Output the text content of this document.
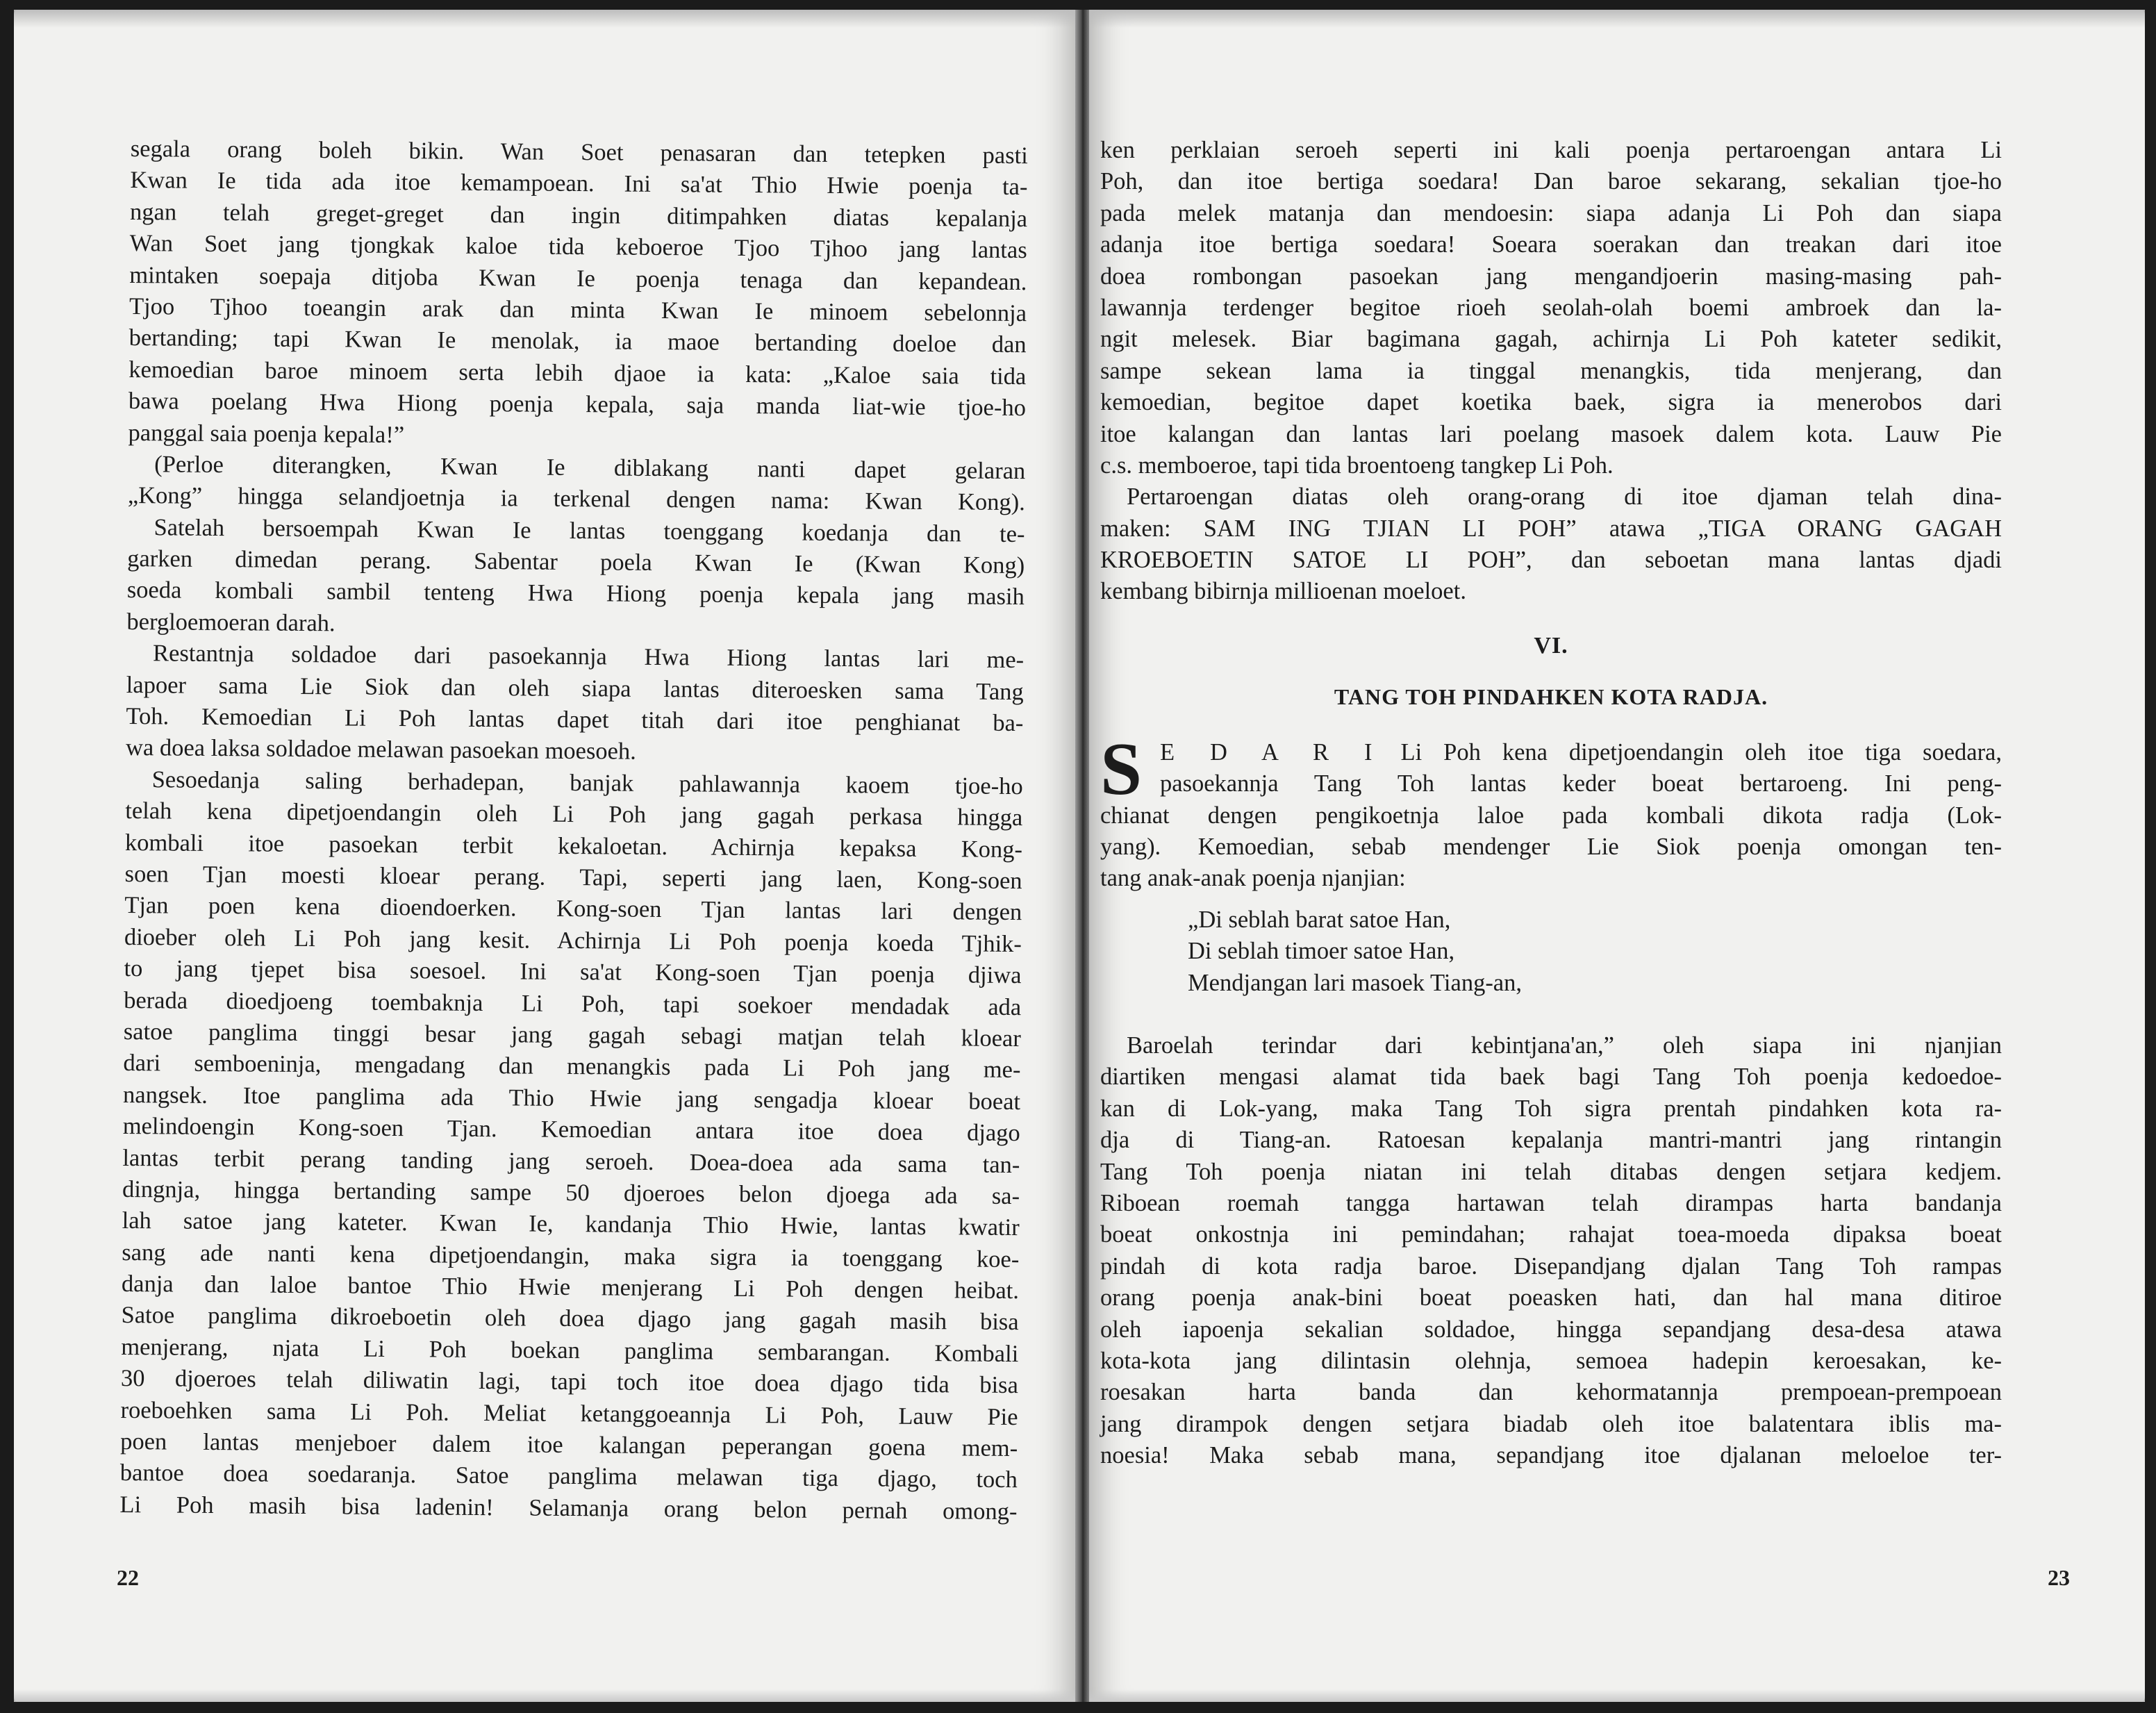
segala orang boleh bikin. Wan Soet penasaran dan tetepken pasti
Kwan Ie tida ada itoe kemampoean. Ini sa'at Thio Hwie poenja ta-
ngan telah greget-greget dan ingin ditimpahken diatas kepalanja
Wan Soet jang tjongkak kaloe tida keboeroe Tjoo Tjhoo jang lantas
mintaken soepaja ditjoba Kwan Ie poenja tenaga dan kepandean.
Tjoo Tjhoo toeangin arak dan minta Kwan Ie minoem sebelonnja
bertanding; tapi Kwan Ie menolak, ia maoe bertanding doeloe dan
kemoedian baroe minoem serta lebih djaoe ia kata: „Kaloe saia tida
bawa poelang Hwa Hiong poenja kepala, saja manda liat-wie tjoe-ho
panggal saia poenja kepala!”
(Perloe diterangken, Kwan Ie diblakang nanti dapet gelaran
„Kong” hingga selandjoetnja ia terkenal dengen nama: Kwan Kong).
Satelah bersoempah Kwan Ie lantas toenggang koedanja dan te-
garken dimedan perang. Sabentar poela Kwan Ie (Kwan Kong)
soeda kombali sambil tenteng Hwa Hiong poenja kepala jang masih
bergloemoeran darah.
Restantnja soldadoe dari pasoekannja Hwa Hiong lantas lari me-
lapoer sama Lie Siok dan oleh siapa lantas diteroesken sama Tang
Toh. Kemoedian Li Poh lantas dapet titah dari itoe penghianat ba-
wa doea laksa soldadoe melawan pasoekan moesoeh.
Sesoedanja saling berhadepan, banjak pahlawannja kaoem tjoe-ho
telah kena dipetjoendangin oleh Li Poh jang gagah perkasa hingga
kombali itoe pasoekan terbit kekaloetan. Achirnja kepaksa Kong-
soen Tjan moesti kloear perang. Tapi, seperti jang laen, Kong-soen
Tjan poen kena dioendoerken. Kong-soen Tjan lantas lari dengen
dioeber oleh Li Poh jang kesit. Achirnja Li Poh poenja koeda Tjhik-
to jang tjepet bisa soesoel. Ini sa'at Kong-soen Tjan poenja djiwa
berada dioedjoeng toembaknja Li Poh, tapi soekoer mendadak ada
satoe panglima tinggi besar jang gagah sebagi matjan telah kloear
dari semboeninja, mengadang dan menangkis pada Li Poh jang me-
nangsek. Itoe panglima ada Thio Hwie jang sengadja kloear boeat
melindoengin Kong-soen Tjan. Kemoedian antara itoe doea djago
lantas terbit perang tanding jang seroeh. Doea-doea ada sama tan-
dingnja, hingga bertanding sampe 50 djoeroes belon djoega ada sa-
lah satoe jang kateter. Kwan Ie, kandanja Thio Hwie, lantas kwatir
sang ade nanti kena dipetjoendangin, maka sigra ia toenggang koe-
danja dan laloe bantoe Thio Hwie menjerang Li Poh dengen heibat.
Satoe panglima dikroeboetin oleh doea djago jang gagah masih bisa
menjerang, njata Li Poh boekan panglima sembarangan. Kombali
30 djoeroes telah diliwatin lagi, tapi toch itoe doea djago tida bisa
roeboehken sama Li Poh. Meliat ketanggoeannja Li Poh, Lauw Pie
poen lantas menjeboer dalem itoe kalangan peperangan goena mem-
bantoe doea soedaranja. Satoe panglima melawan tiga djago, toch
Li Poh masih bisa ladenin! Selamanja orang belon pernah omong-
22
ken perklaian seroeh seperti ini kali poenja pertaroengan antara Li
Poh, dan itoe bertiga soedara! Dan baroe sekarang, sekalian tjoe-ho
pada melek matanja dan mendoesin: siapa adanja Li Poh dan siapa
adanja itoe bertiga soedara! Soeara soerakan dan treakan dari itoe
doea rombongan pasoekan jang mengandjoerin masing-masing pah-
lawannja terdenger begitoe rioeh seolah-olah boemi ambroek dan la-
ngit melesek. Biar bagimana gagah, achirnja Li Poh kateter sedikit,
sampe sekean lama ia tinggal menangkis, tida menjerang, dan
kemoedian, begitoe dapet koetika baek, sigra ia menerobos dari
itoe kalangan dan lantas lari poelang masoek dalem kota. Lauw Pie
c.s. memboeroe, tapi tida broentoeng tangkep Li Poh.
Pertaroengan diatas oleh orang-orang di itoe djaman telah dina-
maken: SAM ING TJIAN LI POH” atawa „TIGA ORANG GAGAH
KROEBOETIN SATOE LI POH”, dan seboetan mana lantas djadi
kembang bibirnja millioenan moeloet.
VI.
TANG TOH PINDAHKEN KOTA RADJA.
S E D A R I Li Poh kena dipetjoendangin oleh itoe tiga soedara,
pasoekannja Tang Toh lantas keder boeat bertaroeng. Ini peng-
chianat dengen pengikoetnja laloe pada kombali dikota radja (Lok-
yang). Kemoedian, sebab mendenger Lie Siok poenja omongan ten-
tang anak-anak poenja njanjian:
„Di seblah barat satoe Han,
Di seblah timoer satoe Han,
Mendjangan lari masoek Tiang-an,
Baroelah terindar dari kebintjana'an,” oleh siapa ini njanjian
diartiken mengasi alamat tida baek bagi Tang Toh poenja kedoedoe-
kan di Lok-yang, maka Tang Toh sigra prentah pindahken kota ra-
dja di Tiang-an. Ratoesan kepalanja mantri-mantri jang rintangin
Tang Toh poenja niatan ini telah ditabas dengen setjara kedjem.
Riboean roemah tangga hartawan telah dirampas harta bandanja
boeat onkostnja ini pemindahan; rahajat toea-moeda dipaksa boeat
pindah di kota radja baroe. Disepandjang djalan Tang Toh rampas
orang poenja anak-bini boeat poeasken hati, dan hal mana ditiroe
oleh iapoenja sekalian soldadoe, hingga sepandjang desa-desa atawa
kota-kota jang dilintasin olehnja, semoea hadepin keroesakan, ke-
roesakan harta banda dan kehormatannja prempoean-prempoean
jang dirampok dengen setjara biadab oleh itoe balatentara iblis ma-
noesia! Maka sebab mana, sepandjang itoe djalanan meloeloe ter-
23
